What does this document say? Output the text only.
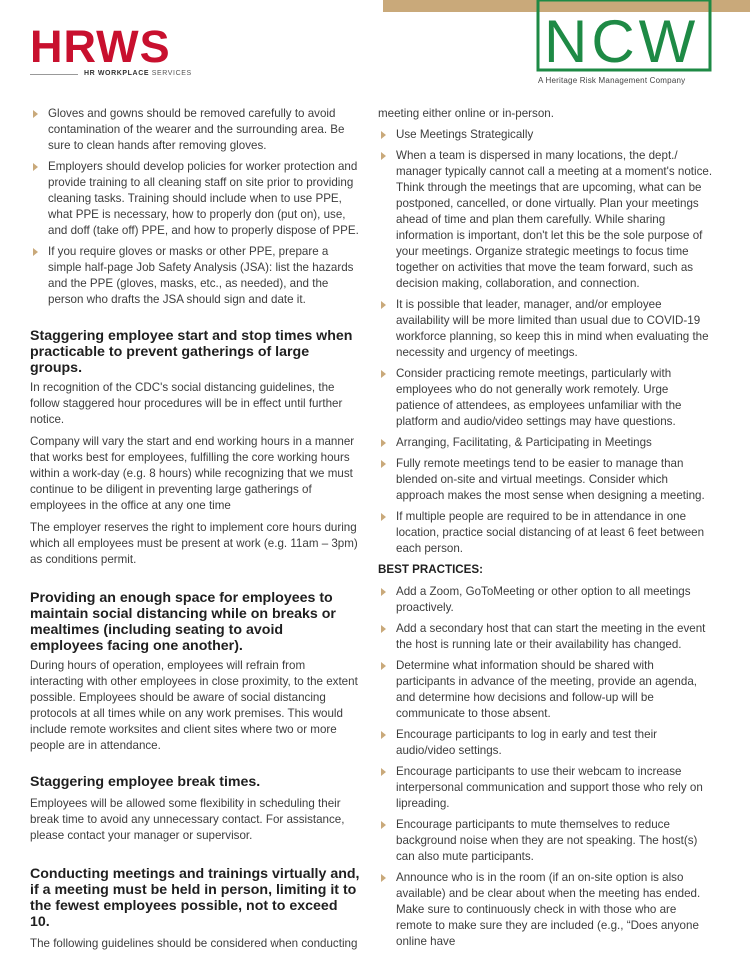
HRWS
HR WORKPLACE SERVICES	NCW
A Heritage Risk Management Company
Gloves and gowns should be removed carefully to avoid contamination of the wearer and the surrounding area. Be sure to clean hands after removing gloves.
Employers should develop policies for worker protection and provide training to all cleaning staff on site prior to providing cleaning tasks. Training should include when to use PPE, what PPE is necessary, how to properly don (put on), use, and doff (take off) PPE, and how to properly dispose of PPE.
If you require gloves or masks or other PPE, prepare a simple half-page Job Safety Analysis (JSA): list the hazards and the PPE (gloves, masks, etc., as needed), and the person who drafts the JSA should sign and date it.
Staggering employee start and stop times when practicable to prevent gatherings of large groups.

In recognition of the CDC's social distancing guidelines, the follow staggered hour procedures will be in effect until further notice.

Company will vary the start and end working hours in a manner that works best for employees, fulfilling the core working hours within a work-day (e.g. 8 hours) while recognizing that we must continue to be diligent in preventing large gatherings of employees in the office at any one time

The employer reserves the right to implement core hours during which all employees must be present at work (e.g. 11am – 3pm) as conditions permit.

Providing an enough space for employees to maintain social distancing while on breaks or mealtimes (including seating to avoid employees facing one another).

During hours of operation, employees will refrain from interacting with other employees in close proximity, to the extent possible. Employees should be aware of social distancing protocols at all times while on any work premises. This would include remote worksites and client sites where two or more people are in attendance.

Staggering employee break times.

Employees will be allowed some flexibility in scheduling their break time to avoid any unnecessary contact. For assistance, please contact your manager or supervisor.

Conducting meetings and trainings virtually and, if a meeting must be held in person, limiting it to the fewest employees possible, not to exceed 10.

The following guidelines should be considered when conducting

meeting either online or in-person.

Use Meetings Strategically
When a team is dispersed in many locations, the dept./ manager typically cannot call a meeting at a moment's notice. Think through the meetings that are upcoming, what can be postponed, cancelled, or done virtually. Plan your meetings ahead of time and plan them carefully. While sharing information is important, don't let this be the sole purpose of your meetings. Organize strategic meetings to focus time together on activities that move the team forward, such as decision making, collaboration, and connection.
It is possible that leader, manager, and/or employee availability will be more limited than usual due to COVID-19 workforce planning, so keep this in mind when evaluating the necessity and urgency of meetings.
Consider practicing remote meetings, particularly with employees who do not generally work remotely. Urge patience of attendees, as employees unfamiliar with the platform and audio/video settings may have questions.
Arranging, Facilitating, & Participating in Meetings
Fully remote meetings tend to be easier to manage than blended on-site and virtual meetings. Consider which approach makes the most sense when designing a meeting.
If multiple people are required to be in attendance in one location, practice social distancing of at least 6 feet between each person.
BEST PRACTICES:
Add a Zoom, GoToMeeting or other option to all meetings proactively.
Add a secondary host that can start the meeting in the event the host is running late or their availability has changed.
Determine what information should be shared with participants in advance of the meeting, provide an agenda, and determine how decisions and follow-up will be communicate to those absent.
Encourage participants to log in early and test their audio/video settings.
Encourage participants to use their webcam to increase interpersonal communication and support those who rely on lipreading.
Encourage participants to mute themselves to reduce background noise when they are not speaking. The host(s) can also mute participants.
Announce who is in the room (if an on-site option is also available) and be clear about when the meeting has ended. Make sure to continuously check in with those who are remote to make sure they are included (e.g., “Does anyone online have
